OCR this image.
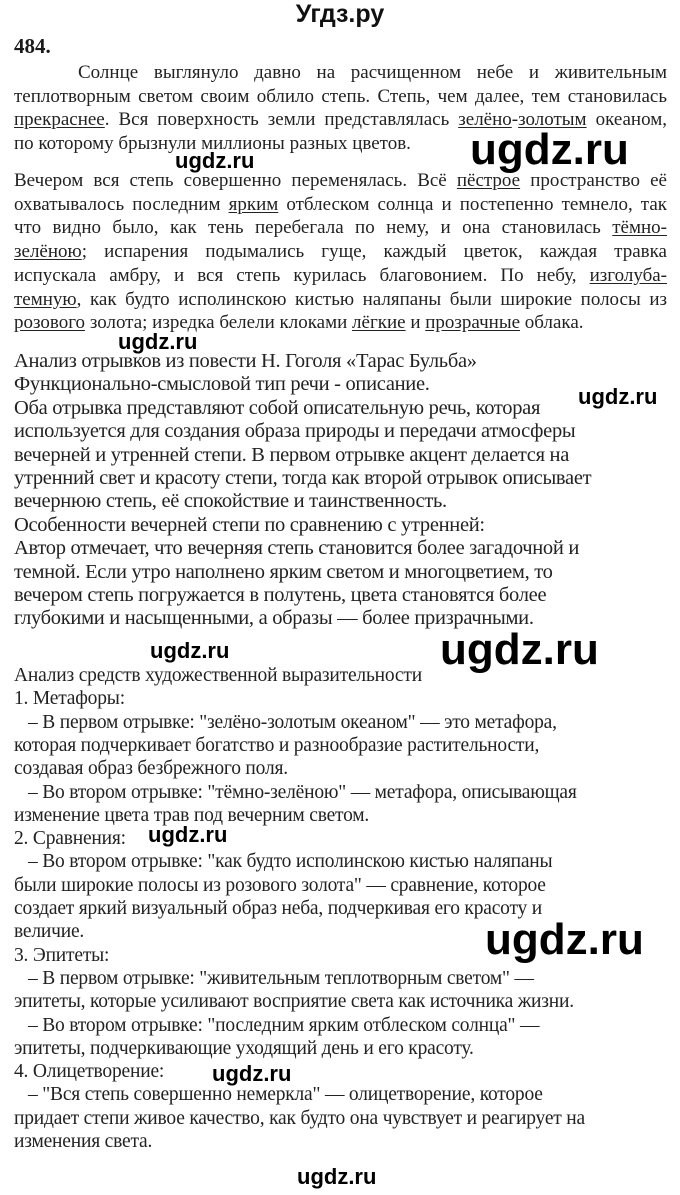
Угдз.ру
484.
Солнце выглянуло давно на расчищенном небе и живительным
теплотворным светом своим облило степь. Степь, чем далее, тем становилась
прекраснее. Вся поверхность земли представлялась зелёно-золотым океаном,
по которому брызнули миллионы разных цветов.
Вечером вся степь совершенно переменялась. Всё пёстрое пространство её
охватывалось последним ярким отблеском солнца и постепенно темнело, так
что видно было, как тень перебегала по нему, и она становилась тёмно-
зелёною; испарения подымались гуще, каждый цветок, каждая травка
испускала амбру, и вся степь курилась благовонием. По небу, изголуба-
темную, как будто исполинскою кистью наляпаны были широкие полосы из
розового золота; изредка белели клоками лёгкие и прозрачные облака.
Анализ отрывков из повести Н. Гоголя «Тарас Бульба»
Функционально-смысловой тип речи - описание.
Оба отрывка представляют собой описательную речь, которая
используется для создания образа природы и передачи атмосферы
вечерней и утренней степи. В первом отрывке акцент делается на
утренний свет и красоту степи, тогда как второй отрывок описывает
вечернюю степь, её спокойствие и таинственность.
Особенности вечерней степи по сравнению с утренней:
Автор отмечает, что вечерняя степь становится более загадочной и
темной. Если утро наполнено ярким светом и многоцветием, то
вечером степь погружается в полутень, цвета становятся более
глубокими и насыщенными, а образы — более призрачными.
Анализ средств художественной выразительности
1. Метафоры:
– В первом отрывке: "зелёно-золотым океаном" — это метафора,
которая подчеркивает богатство и разнообразие растительности,
создавая образ безбрежного поля.
– Во втором отрывке: "тёмно-зелёною" — метафора, описывающая
изменение цвета трав под вечерним светом.
2. Сравнения:
– Во втором отрывке: "как будто исполинскою кистью наляпаны
были широкие полосы из розового золота" — сравнение, которое
создает яркий визуальный образ неба, подчеркивая его красоту и
величие.
3. Эпитеты:
– В первом отрывке: "живительным теплотворным светом" —
эпитеты, которые усиливают восприятие света как источника жизни.
– Во втором отрывке: "последним ярким отблеском солнца" —
эпитеты, подчеркивающие уходящий день и его красоту.
4. Олицетворение:
– "Вся степь совершенно немеркла" — олицетворение, которое
придает степи живое качество, как будто она чувствует и реагирует на
изменения света.
ugdz.ru
ugdz.ru
ugdz.ru
ugdz.ru
ugdz.ru
ugdz.ru
ugdz.ru
ugdz.ru
ugdz.ru
ugdz.ru
